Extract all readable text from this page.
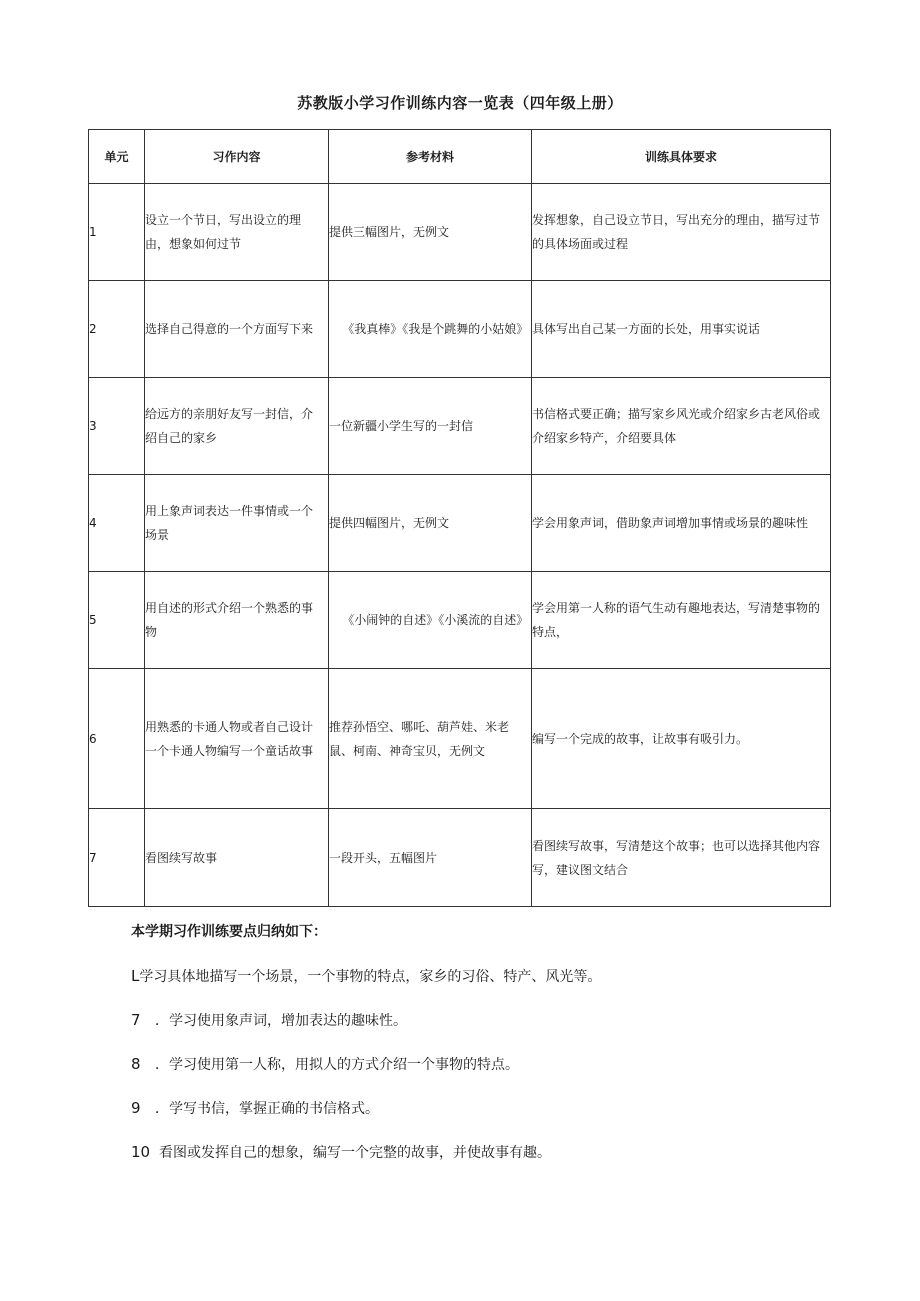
苏教版小学习作训练内容一览表（四年级上册）
单元	习作内容	参考材料	训练具体要求
1	设立一个节日，写出设立的理由，想象如何过节	提供三幅图片，无例文	发挥想象，自己设立节日，写出充分的理由，描写过节的具体场面或过程
2	选择自己得意的一个方面写下来	《我真棒》《我是个跳舞的小姑娘》	具体写出自己某一方面的长处，用事实说话
3	给远方的亲朋好友写一封信，介绍自己的家乡	一位新疆小学生写的一封信	书信格式要正确；描写家乡风光或介绍家乡古老风俗或介绍家乡特产，介绍要具体
4	用上象声词表达一件事情或一个场景	提供四幅图片，无例文	学会用象声词，借助象声词增加事情或场景的趣味性
5	用自述的形式介绍一个熟悉的事物	《小闹钟的自述》《小溪流的自述》	学会用第一人称的语气生动有趣地表达，写清楚事物的特点，
6	用熟悉的卡通人物或者自己设计一个卡通人物编写一个童话故事	推荐孙悟空、哪吒、葫芦娃、米老鼠、柯南、神奇宝贝，无例文	编写一个完成的故事，让故事有吸引力。
7	看图续写故事	一段开头，五幅图片	看图续写故事，写清楚这个故事；也可以选择其他内容写，建议图文结合
本学期习作训练要点归纳如下：
L学习具体地描写一个场景，一个事物的特点，家乡的习俗、特产、风光等。
7 ．学习使用象声词，增加表达的趣味性。
8 ．学习使用第一人称，用拟人的方式介绍一个事物的特点。
9 ．学写书信，掌握正确的书信格式。
10 看图或发挥自己的想象，编写一个完整的故事，并使故事有趣。
